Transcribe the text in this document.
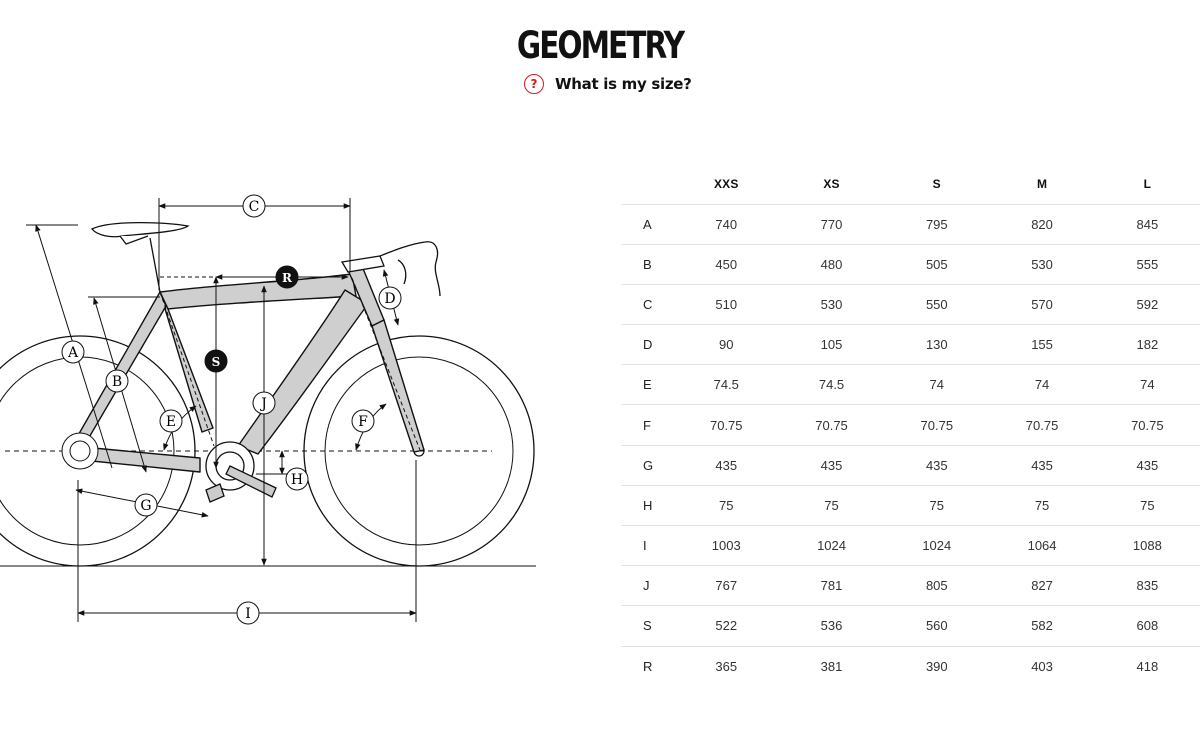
GEOMETRY
?	What is my size?
C
A
B
E
G
J
H
D
F
I
R
S
	XXS	XS	S	M	L
A	740	770	795	820	845
B	450	480	505	530	555
C	510	530	550	570	592
D	90	105	130	155	182
E	74.5	74.5	74	74	74
F	70.75	70.75	70.75	70.75	70.75
G	435	435	435	435	435
H	75	75	75	75	75
I	1003	1024	1024	1064	1088
J	767	781	805	827	835
S	522	536	560	582	608
R	365	381	390	403	418
